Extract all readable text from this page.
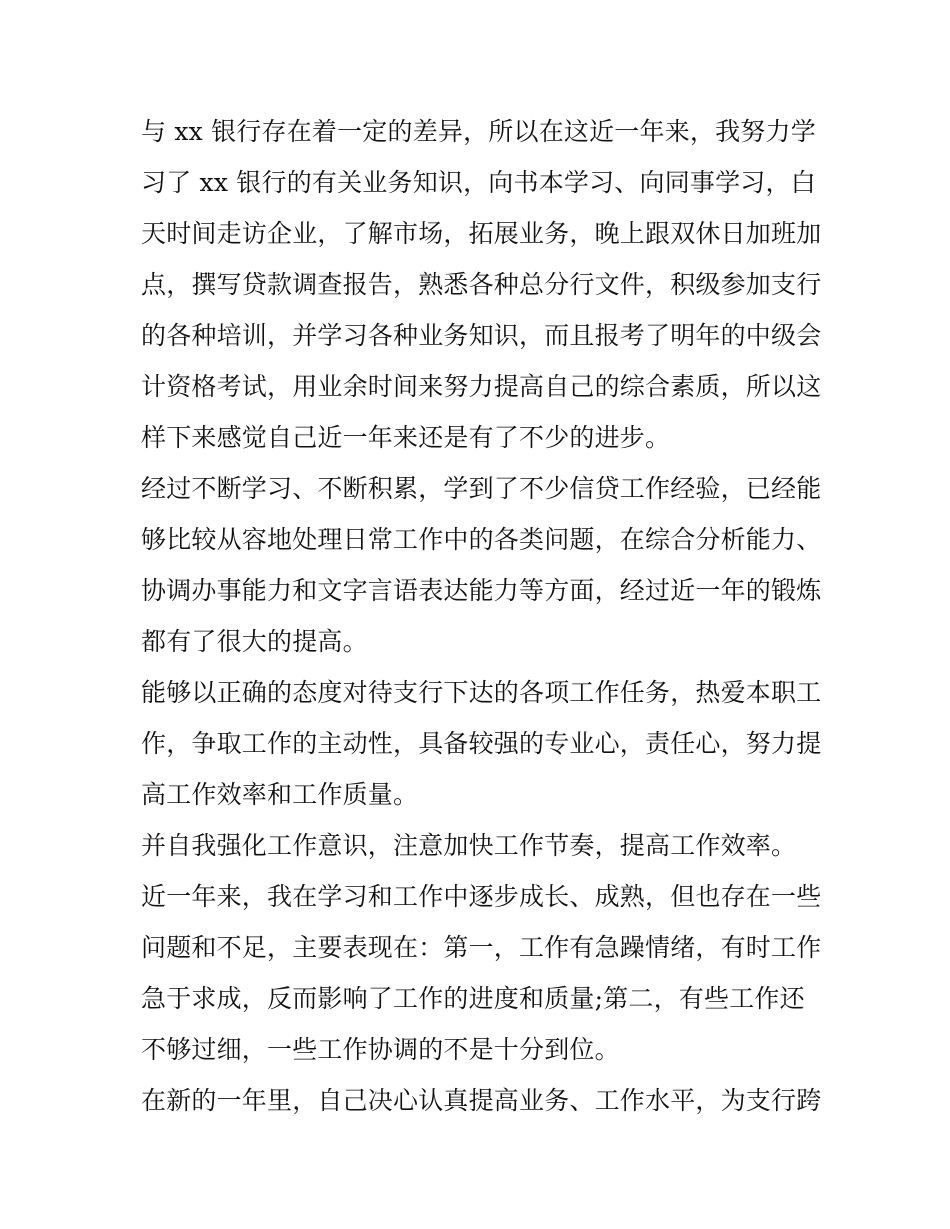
与 xx 银行存在着一定的差异，所以在这近一年来，我努力学
习了 xx 银行的有关业务知识，向书本学习、向同事学习，白
天时间走访企业，了解市场，拓展业务，晚上跟双休日加班加
点，撰写贷款调查报告，熟悉各种总分行文件，积级参加支行
的各种培训，并学习各种业务知识，而且报考了明年的中级会
计资格考试，用业余时间来努力提高自己的综合素质，所以这
样下来感觉自己近一年来还是有了不少的进步。
经过不断学习、不断积累，学到了不少信贷工作经验，已经能
够比较从容地处理日常工作中的各类问题，在综合分析能力、
协调办事能力和文字言语表达能力等方面，经过近一年的锻炼
都有了很大的提高。
能够以正确的态度对待支行下达的各项工作任务，热爱本职工
作，争取工作的主动性，具备较强的专业心，责任心，努力提
高工作效率和工作质量。
并自我强化工作意识，注意加快工作节奏，提高工作效率。
近一年来，我在学习和工作中逐步成长、成熟，但也存在一些
问题和不足，主要表现在：第一，工作有急躁情绪，有时工作
急于求成，反而影响了工作的进度和质量;第二，有些工作还
不够过细，一些工作协调的不是十分到位。
在新的一年里，自己决心认真提高业务、工作水平，为支行跨
